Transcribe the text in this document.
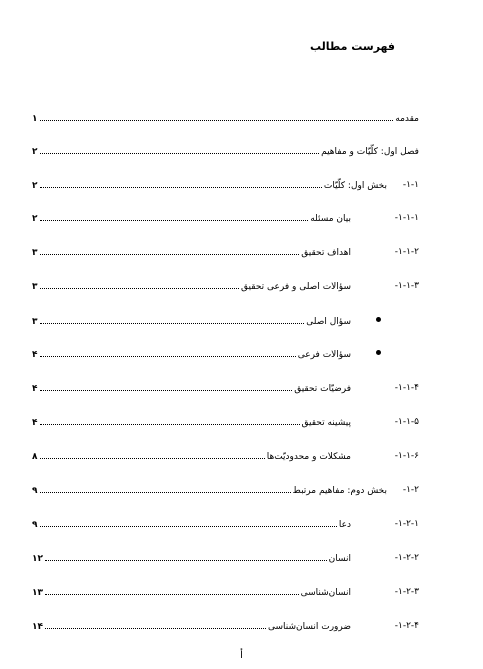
فهرست مطالب
مقدمه
۱
فصل اول: کلّیّات و مفاهیم
۲
۱-۱-
بخش اول: کلّیّات
۲
۱-۱-۱-
بیان مسئله
۲
۱-۱-۲-
اهداف تحقیق
۳
۱-۱-۳-
سؤالات اصلی و فرعی تحقیق
۳
سؤال اصلی
۳
سؤالات فرعی
۴
۱-۱-۴-
فرضیّات تحقیق
۴
۱-۱-۵-
پیشینه تحقیق
۴
۱-۱-۶-
مشکلات و محدودیّت‌ها
۸
۱-۲-
بخش دوم: مفاهیم مرتبط
۹
۱-۲-۱-
دعا
۹
۱-۲-۲-
انسان
۱۲
۱-۲-۳-
انسان‌شناسی
۱۳
۱-۲-۴-
ضرورت انسان‌شناسی
۱۴
أ
